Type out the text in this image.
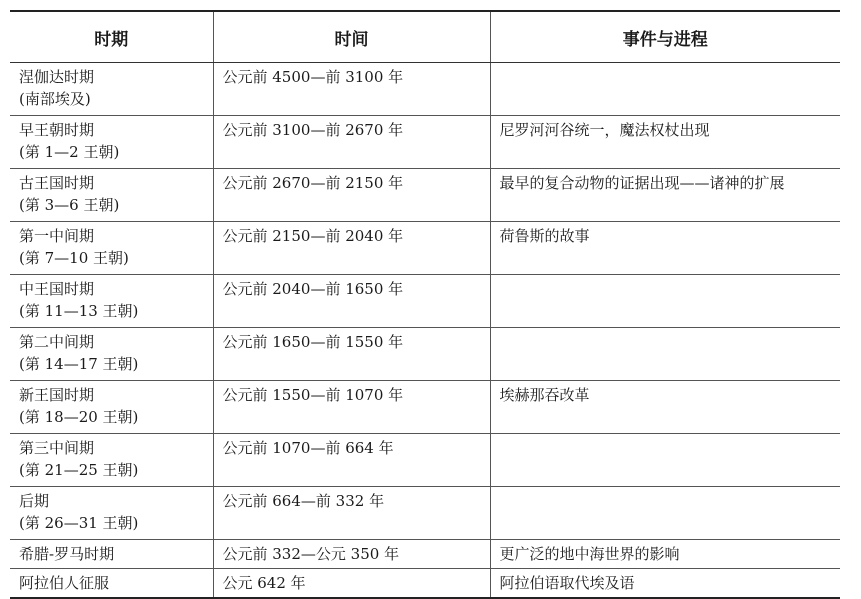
时期	时间	事件与进程
涅伽达时期
(南部埃及)	公元前 4500—前 3100 年	
早王朝时期
(第 1—2 王朝)	公元前 3100—前 2670 年	尼罗河河谷统一，魔法权杖出现
古王国时期
(第 3—6 王朝)	公元前 2670—前 2150 年	最早的复合动物的证据出现——诸神的扩展
第一中间期
(第 7—10 王朝)	公元前 2150—前 2040 年	荷鲁斯的故事
中王国时期
(第 11—13 王朝)	公元前 2040—前 1650 年	
第二中间期
(第 14—17 王朝)	公元前 1650—前 1550 年	
新王国时期
(第 18—20 王朝)	公元前 1550—前 1070 年	埃赫那吞改革
第三中间期
(第 21—25 王朝)	公元前 1070—前 664 年	
后期
(第 26—31 王朝)	公元前 664—前 332 年	
希腊-罗马时期	公元前 332—公元 350 年	更广泛的地中海世界的影响
阿拉伯人征服	公元 642 年	阿拉伯语取代埃及语
